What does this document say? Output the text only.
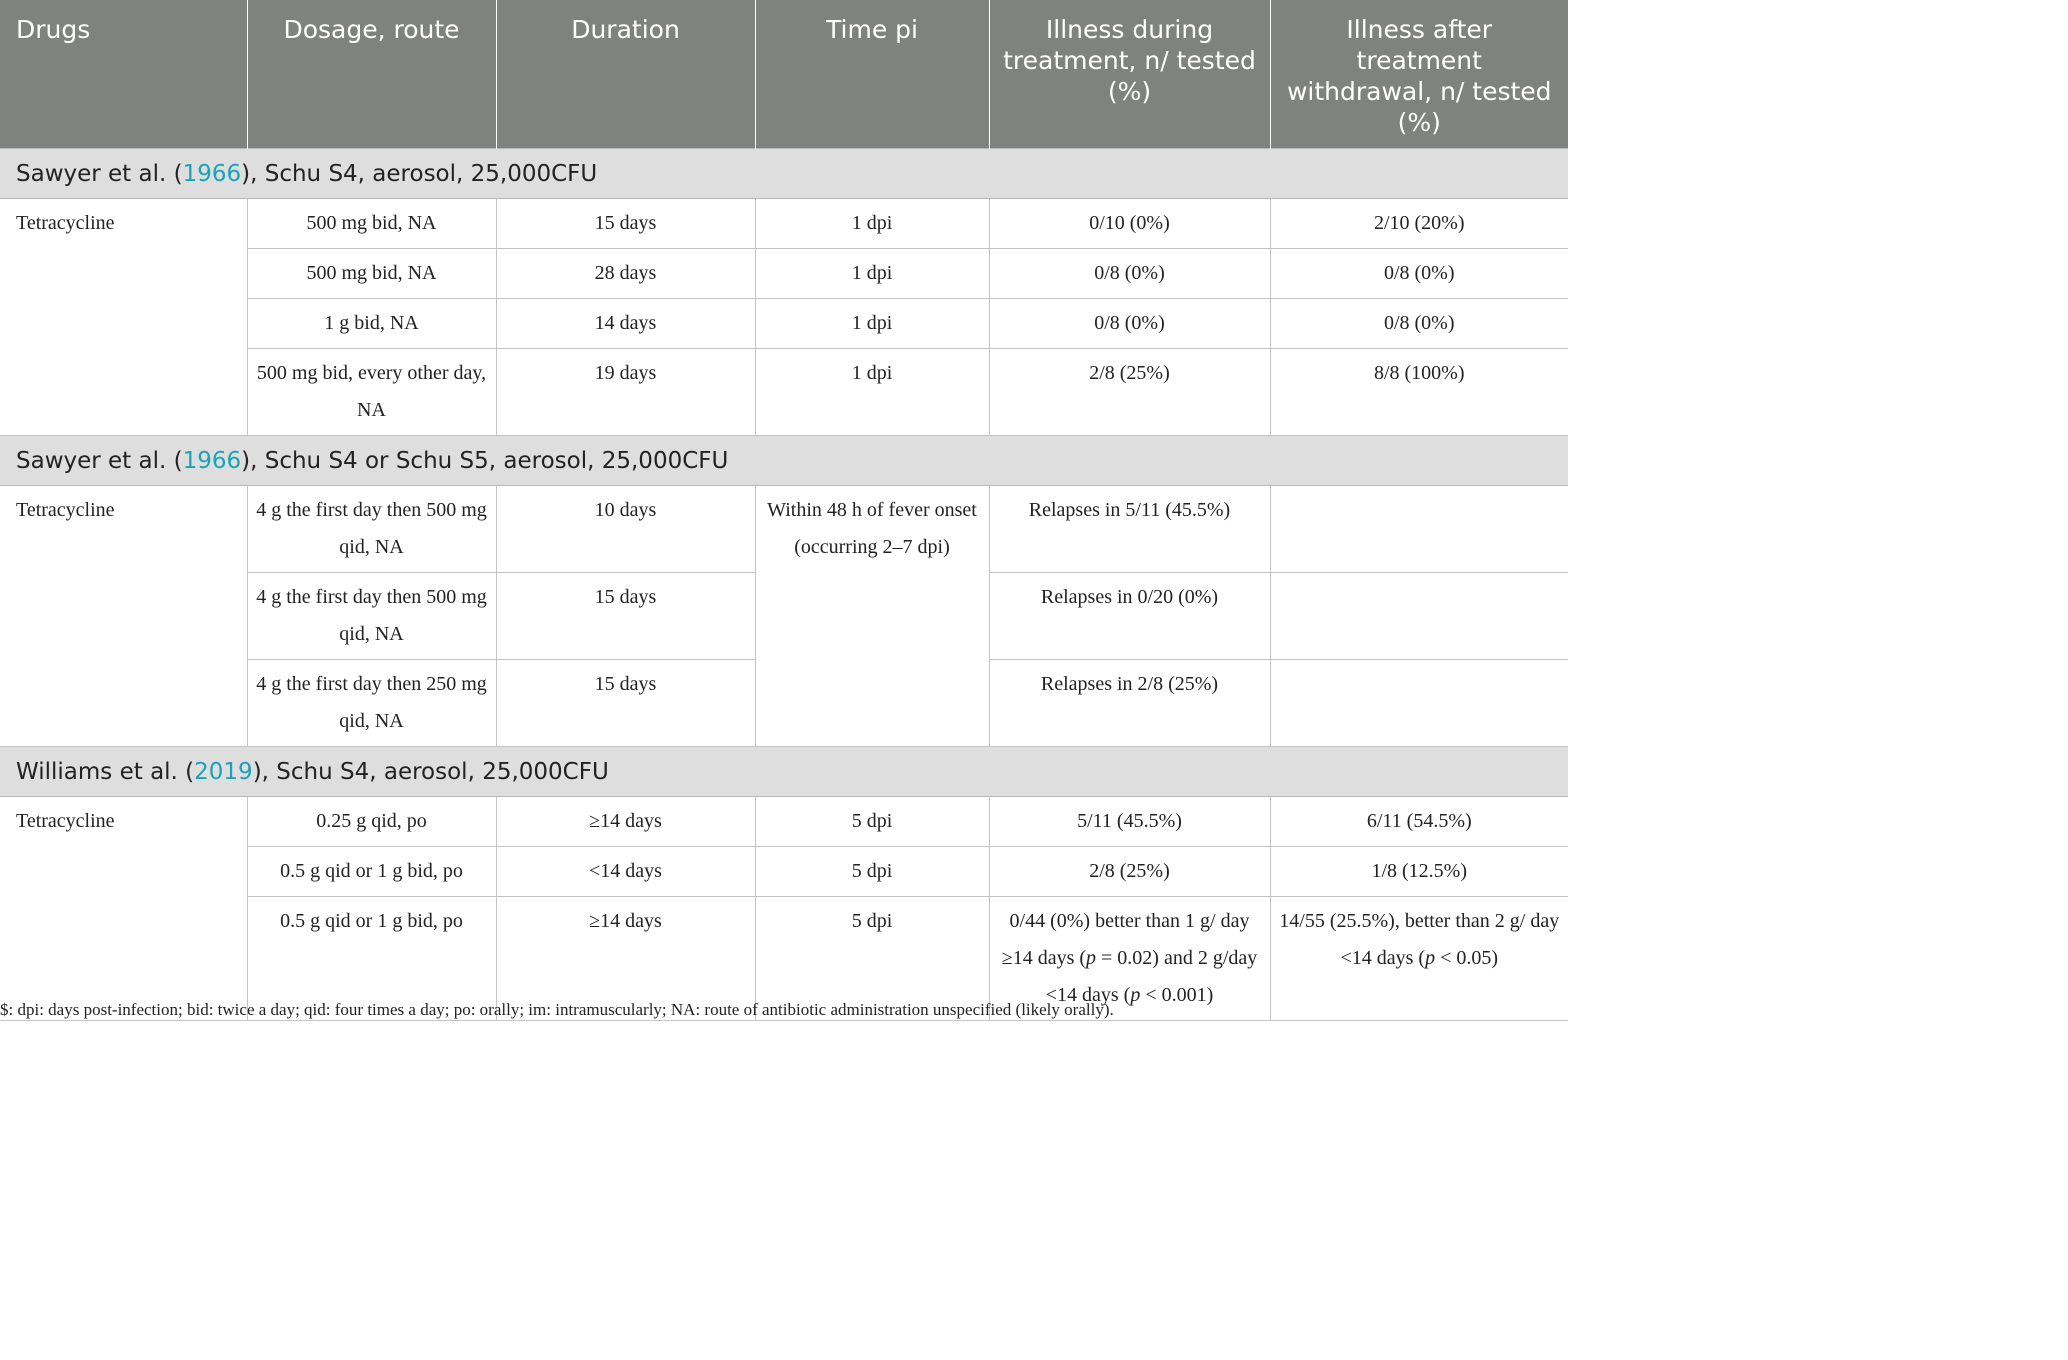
Drugs	Dosage, route	Duration	Time pi	Illness during treatment, n/ tested (%)	Illness after treatment withdrawal, n/ tested (%)
Sawyer et al. (1966), Schu S4, aerosol, 25,000CFU					
Tetracycline	500 mg bid, NA	15 days	1 dpi	0/10 (0%)	2/10 (20%)
	500 mg bid, NA	28 days	1 dpi	0/8 (0%)	0/8 (0%)
	1 g bid, NA	14 days	1 dpi	0/8 (0%)	0/8 (0%)
	500 mg bid, every other day, NA	19 days	1 dpi	2/8 (25%)	8/8 (100%)
Sawyer et al. (1966), Schu S4 or Schu S5, aerosol, 25,000CFU					
Tetracycline	4 g the first day then 500 mg qid, NA	10 days	Within 48 h of fever onset (occurring 2–7 dpi)	Relapses in 5/11 (45.5%)	
	4 g the first day then 500 mg qid, NA	15 days		Relapses in 0/20 (0%)	
	4 g the first day then 250 mg qid, NA	15 days		Relapses in 2/8 (25%)	
Williams et al. (2019), Schu S4, aerosol, 25,000CFU					
Tetracycline	0.25 g qid, po	≥14 days	5 dpi	5/11 (45.5%)	6/11 (54.5%)
	0.5 g qid or 1 g bid, po	<14 days	5 dpi	2/8 (25%)	1/8 (12.5%)
	0.5 g qid or 1 g bid, po	≥14 days	5 dpi	0/44 (0%) better than 1 g/ day ≥14 days (p = 0.02) and 2 g/day <14 days (p < 0.001)	14/55 (25.5%), better than 2 g/ day <14 days (p < 0.05)
$: dpi: days post-infection; bid: twice a day; qid: four times a day; po: orally; im: intramuscularly; NA: route of antibiotic administration unspecified (likely orally).
